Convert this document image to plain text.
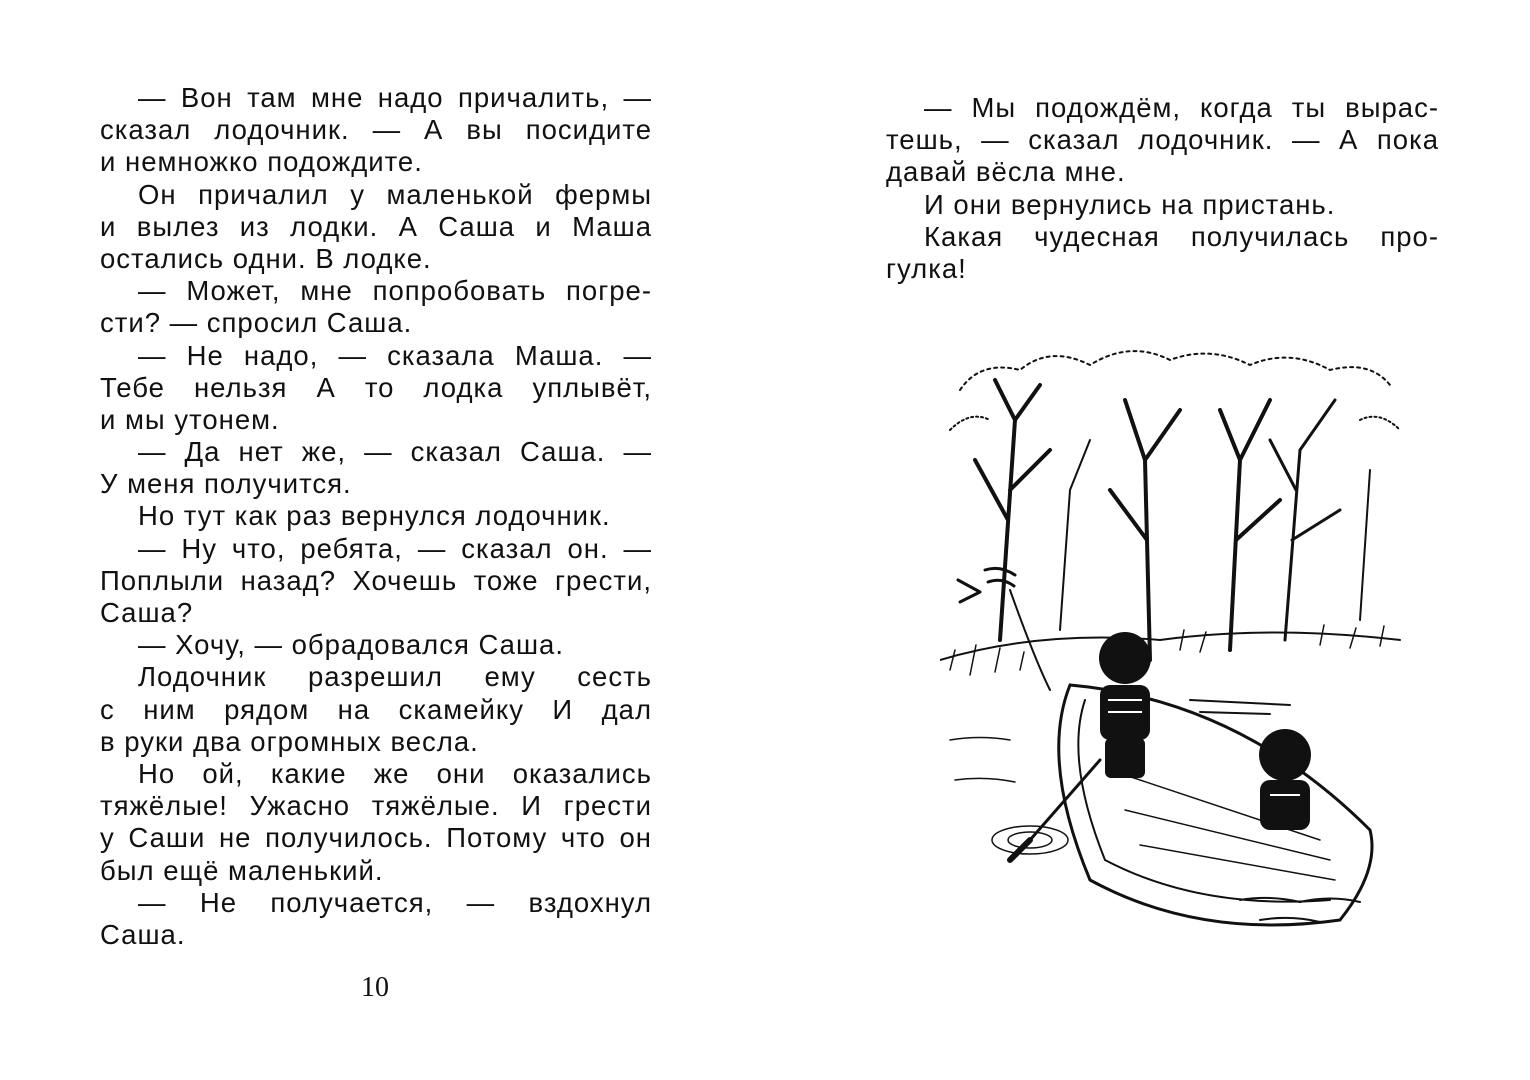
— Вон там мне надо причалить, —
сказал лодочник. — А вы посидите
и немножко подождите.
Он причалил у маленькой фермы
и вылез из лодки. А Саша и Маша
остались одни. В лодке.
— Может, мне попробовать погре-
сти? — спросил Саша.
— Не надо, — сказала Маша. —
Тебе нельзя А то лодка уплывёт,
и мы утонем.
— Да нет же, — сказал Саша. —
У меня получится.
Но тут как раз вернулся лодочник.
— Ну что, ребята, — сказал он. —
Поплыли назад? Хочешь тоже грести,
Саша?
— Хочу, — обрадовался Саша.
Лодочник разрешил ему сесть
с ним рядом на скамейку И дал
в руки два огромных весла.
Но ой, какие же они оказались
тяжёлые! Ужасно тяжёлые. И грести
у Саши не получилось. Потому что он
был ещё маленький.
— Не получается, — вздохнул
Саша.
10
— Мы подождём, когда ты вырас-
тешь, — сказал лодочник. — А пока
давай вёсла мне.
И они вернулись на пристань.
Какая чудесная получилась про-
гулка!
